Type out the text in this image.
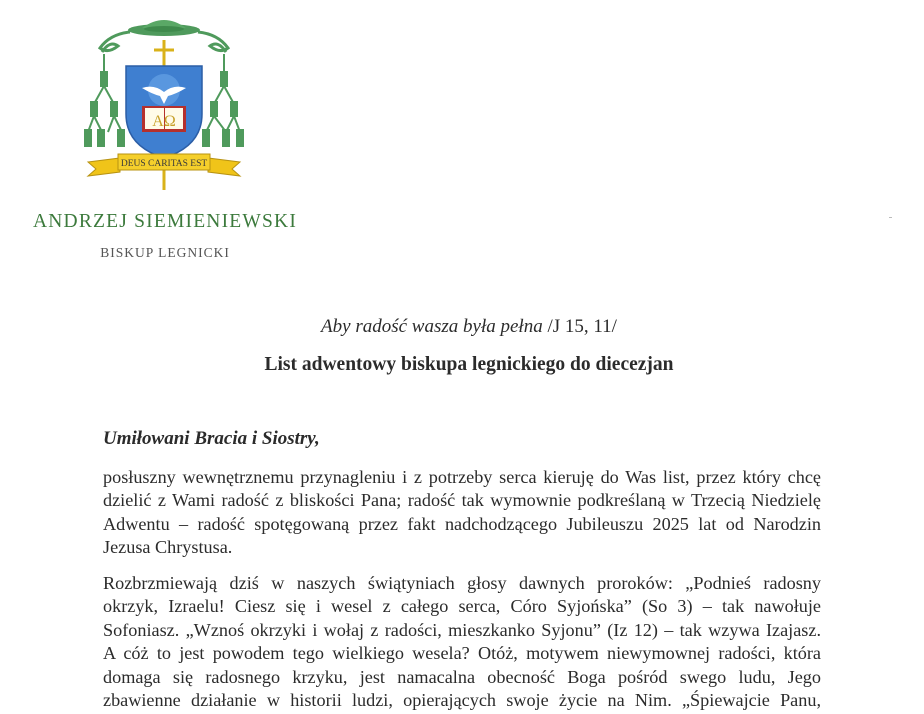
AΩ
DEUS CARITAS EST
ANDRZEJ SIEMIENIEWSKI
BISKUP LEGNICKI
Aby radość wasza była pełna /J 15, 11/
List adwentowy biskupa legnickiego do diecezjan
Umiłowani Bracia i Siostry,
posłuszny wewnętrznemu przynagleniu i z potrzeby serca kieruję do Was list, przez który chcę
dzielić z Wami radość z bliskości Pana; radość tak wymownie podkreślaną w Trzecią Niedzielę
Adwentu – radość spotęgowaną przez fakt nadchodzącego Jubileuszu 2025 lat od Narodzin
Jezusa Chrystusa.
Rozbrzmiewają dziś w naszych świątyniach głosy dawnych proroków: „Podnieś radosny
okrzyk, Izraelu! Ciesz się i wesel z całego serca, Córo Syjońska” (So 3) – tak nawołuje
Sofoniasz. „Wznoś okrzyki i wołaj z radości, mieszkanko Syjonu” (Iz 12) – tak wzywa Izajasz.
A cóż to jest powodem tego wielkiego wesela? Otóż, motywem niewymownej radości, która
domaga się radosnego krzyku, jest namacalna obecność Boga pośród swego ludu, Jego
zbawienne działanie w historii ludzi, opierających swoje życie na Nim. „Śpiewajcie Panu,
